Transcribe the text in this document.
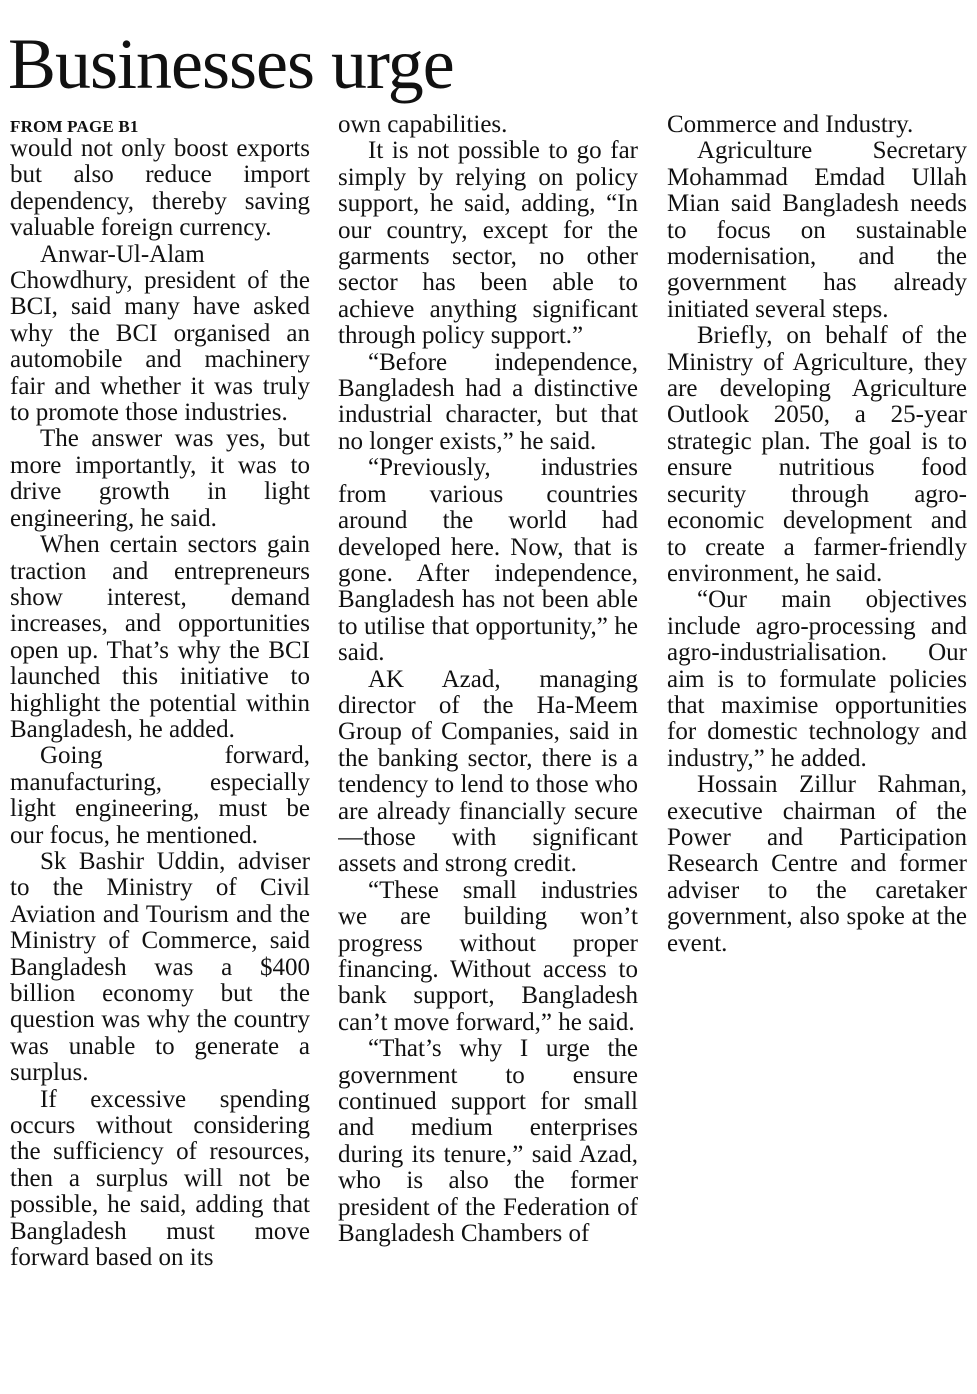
Businesses urge
FROM PAGE B1

would not only boost exports but also reduce import dependency, thereby saving valuable foreign currency.

Anwar-Ul-Alam Chowdhury, president of the BCI, said many have asked why the BCI organised an automobile and machinery fair and whether it was truly to promote those industries.

The answer was yes, but more importantly, it was to drive growth in light engineering, he said.

When certain sectors gain traction and entrepreneurs show interest, demand increases, and opportunities open up. That’s why the BCI launched this initiative to highlight the potential within Bangladesh, he added.

Going forward, manufacturing, especially light engineering, must be our focus, he mentioned.

Sk Bashir Uddin, adviser to the Ministry of Civil Aviation and Tourism and the Ministry of Commerce, said Bangladesh was a $400 billion economy but the question was why the country was unable to generate a surplus.

If excessive spending occurs without considering the sufficiency of resources, then a surplus will not be possible, he said, adding that Bangladesh must move forward based on its

own capabilities.

It is not possible to go far simply by relying on policy support, he said, adding, “In our country, except for the garments sector, no other sector has been able to achieve anything significant through policy support.”

“Before independence, Bangladesh had a distinctive industrial character, but that no longer exists,” he said.

“Previously, industries from various countries around the world had developed here. Now, that is gone. After independence, Bangladesh has not been able to utilise that opportunity,” he said.

AK Azad, managing director of the Ha-Meem Group of Companies, said in the banking sector, there is a tendency to lend to those who are already financially secure—those with significant assets and strong credit.

“These small industries we are building won’t progress without proper financing. Without access to bank support, Bangladesh can’t move forward,” he said.

“That’s why I urge the government to ensure continued support for small and medium enterprises during its tenure,” said Azad, who is also the former president of the Federation of Bangladesh Chambers of

Commerce and Industry.

Agriculture Secretary Mohammad Emdad Ullah Mian said Bangladesh needs to focus on sustainable modernisation, and the government has already initiated several steps.

Briefly, on behalf of the Ministry of Agriculture, they are developing Agriculture Outlook 2050, a 25-year strategic plan. The goal is to ensure nutritious food security through agro-economic development and to create a farmer-friendly environment, he said.

“Our main objectives include agro-processing and agro-industrialisation. Our aim is to formulate policies that maximise opportunities for domestic technology and industry,” he added.

Hossain Zillur Rahman, executive chairman of the Power and Participation Research Centre and former adviser to the caretaker government, also spoke at the event.
